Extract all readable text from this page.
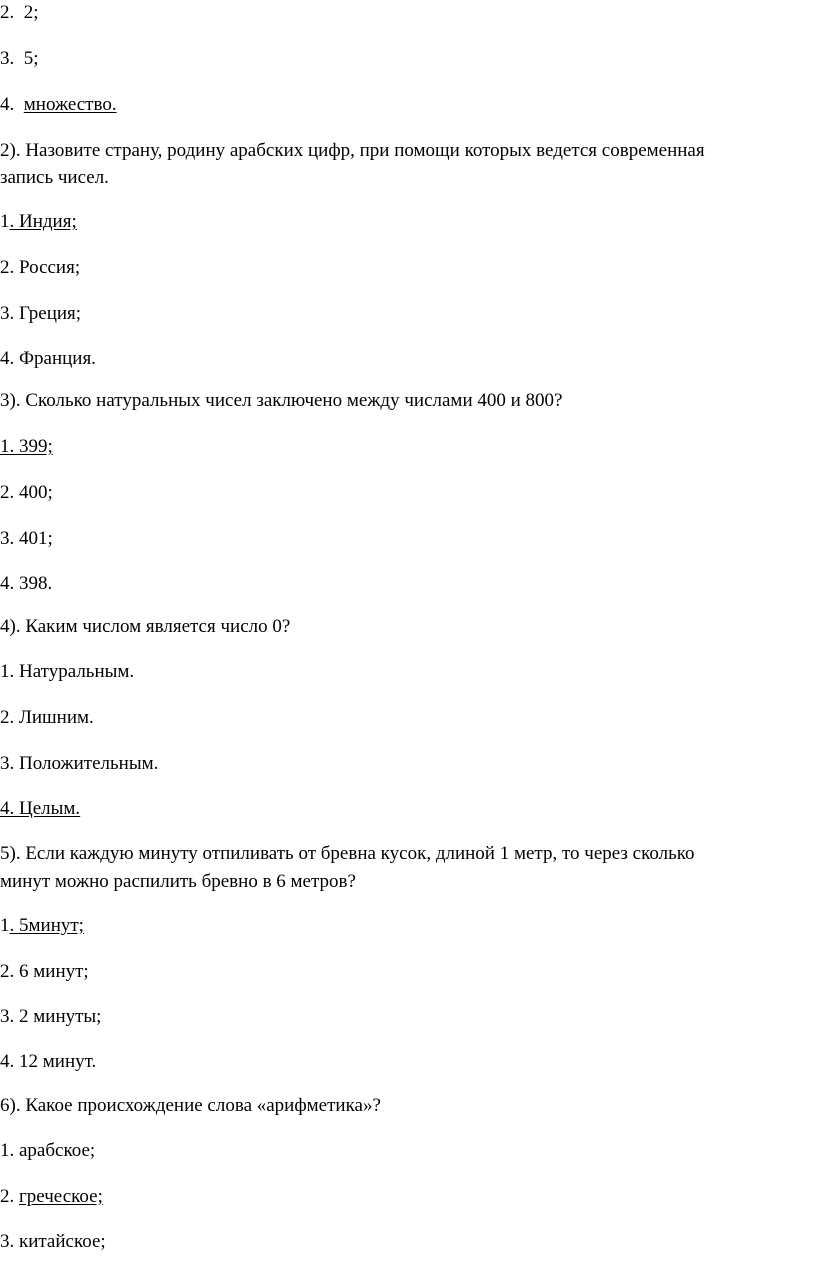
2. 2;
3. 5;
4. множество.
2). Назовите страну, родину арабских цифр, при помощи которых ведется современная
запись чисел.
1. Индия;
2. Россия;
3. Греция;
4. Франция.
3). Сколько натуральных чисел заключено между числами 400 и 800?
1. 399;
2. 400;
3. 401;
4. 398.
4). Каким числом является число 0?
1. Натуральным.
2. Лишним.
3. Положительным.
4. Целым.
5). Если каждую минуту отпиливать от бревна кусок, длиной 1 метр, то через сколько
минут можно распилить бревно в 6 метров?
1. 5минут;
2. 6 минут;
3. 2 минуты;
4. 12 минут.
6). Какое происхождение слова «арифметика»?
1. арабское;
2. греческое;
3. китайское;
